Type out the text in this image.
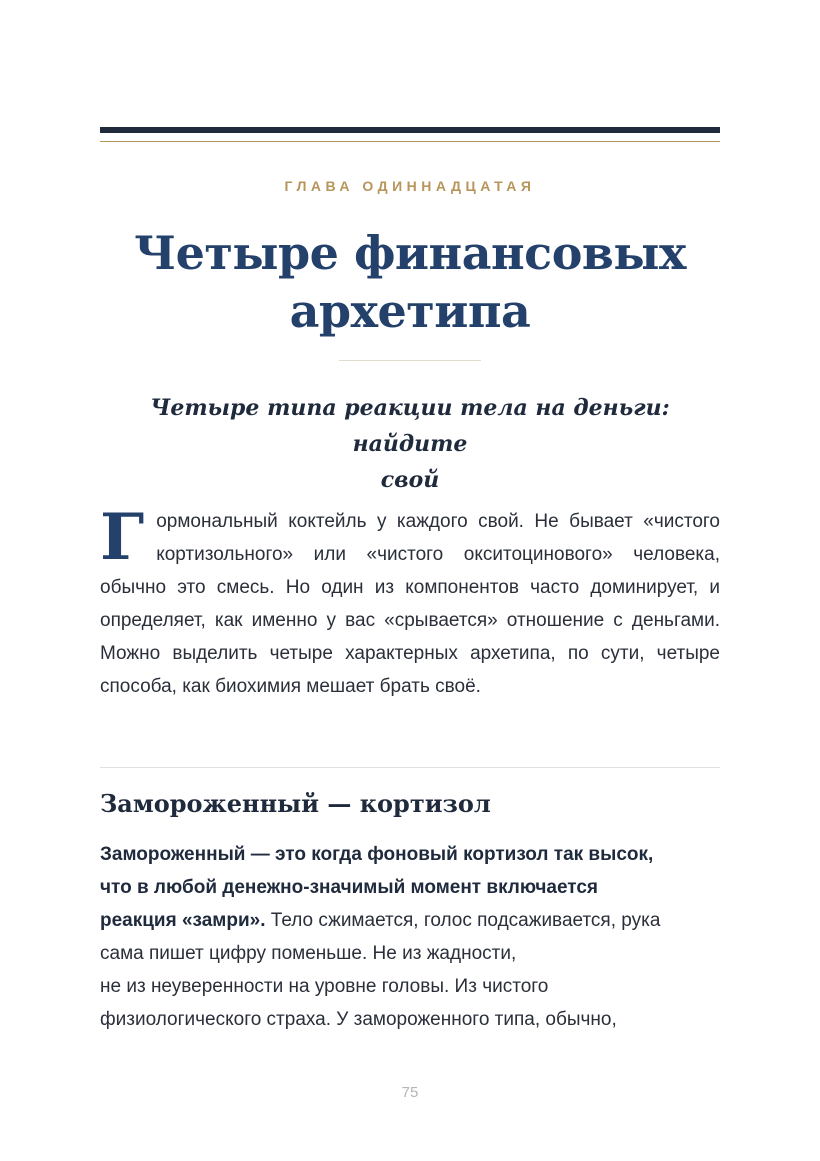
ГЛАВА ОДИННАДЦАТАЯ
Четыре финансовых
архетипа

Четыре типа реакции тела на деньги: найдите
свой

Г ормональный коктейль у каждого свой. Не бывает «чистого кортизольного» или «чистого окситоцинового» человека, обычно это смесь. Но один из компонентов часто доминирует, и определяет, как именно у вас «срывается» отношение с деньгами. Можно выделить четыре характерных архетипа, по сути, четыре способа, как биохимия мешает брать своё.

Замороженный — кортизол

Замороженный — это когда фоновый кортизол так высок,
что в любой денежно-значимый момент включается
реакция «замри». Тело сжимается, голос подсаживается, рука
сама пишет цифру поменьше. Не из жадности,
не из неуверенности на уровне головы. Из чистого
физиологического страха. У замороженного типа, обычно,

75
